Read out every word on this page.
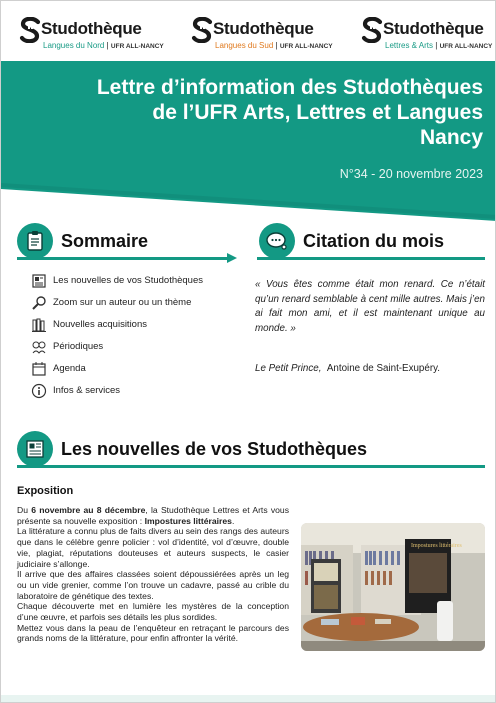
Studothèque
Langues du Nord | UFR ALL-NANCY
Studothèque
Langues du Sud | UFR ALL-NANCY
Studothèque
Lettres & Arts | UFR ALL-NANCY
Lettre d’information des Studothèques
de l’UFR Arts, Lettres et Langues
Nancy
N°34 - 20 novembre 2023
Sommaire	Citation du mois
Les nouvelles de vos Studothèques
Zoom sur un auteur ou un thème
Nouvelles acquisitions
Périodiques
Agenda
Infos & services
« Vous êtes comme était mon renard. Ce n’était qu’un renard semblable à cent mille autres. Mais j’en ai fait mon ami, et il est maintenant unique au monde. »
Le Petit Prince, Antoine de Saint-Exupéry.
Les nouvelles de vos Studothèques
Exposition

Du 6 novembre au 8 décembre, la Studothèque Lettres et Arts vous présente sa nouvelle exposition : Impostures littéraires.

La littérature a connu plus de faits divers au sein des rangs des auteurs que dans le célèbre genre policier : vol d’identité, vol d’œuvre, double vie, plagiat, réputations douteuses et auteurs suspects, le casier judiciaire s’allonge.

Il arrive que des affaires classées soient dépoussiérées après un leg ou un vide grenier, comme l’on trouve un cadavre, passé au crible du laboratoire de génétique des textes.

Chaque découverte met en lumière les mystères de la conception d’une œuvre, et parfois ses détails les plus sordides.

Mettez vous dans la peau de l’enquêteur en retraçant le parcours des grands noms de la littérature, pour enfin affronter la vérité.

Impostures littéraires
